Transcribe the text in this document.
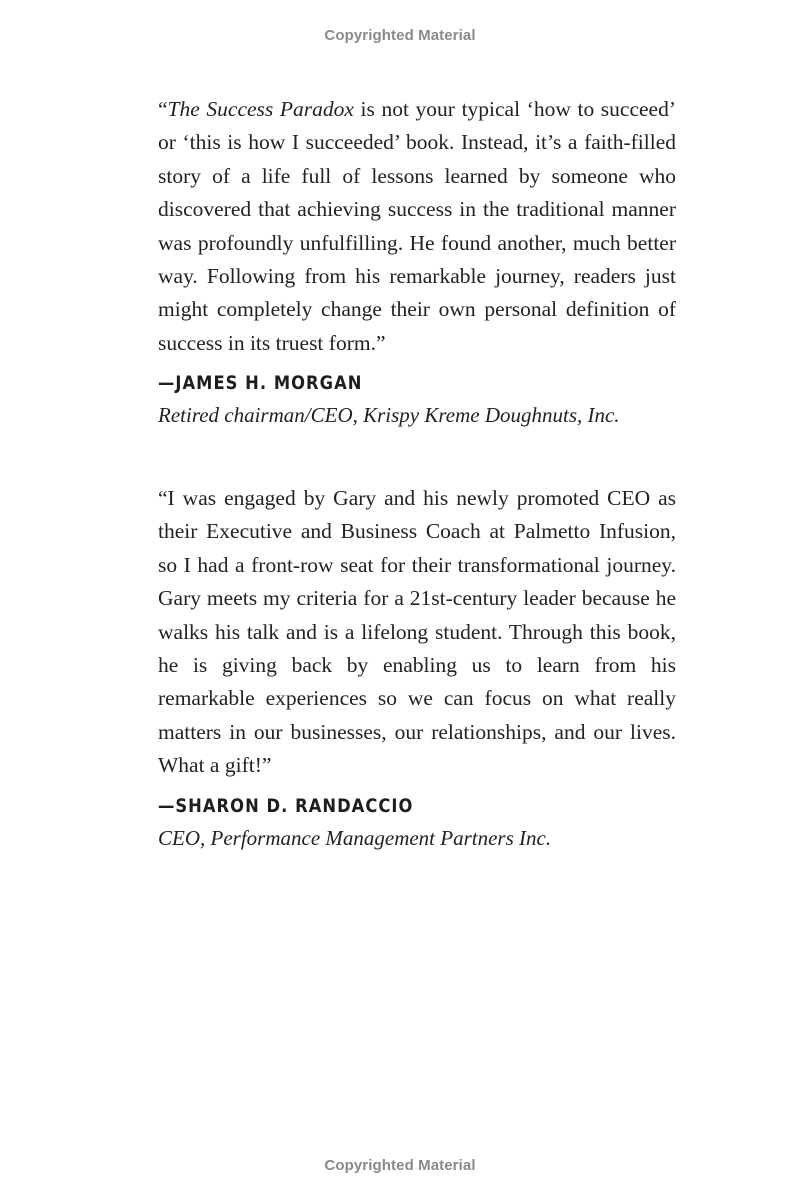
Copyrighted Material

“The Success Paradox is not your typical ‘how to succeed’ or ‘this is how I succeeded’ book. Instead, it’s a faith-filled story of a life full of lessons learned by someone who discovered that achieving success in the traditional manner was profoundly unfulfilling. He found another, much better way. Following from his remarkable journey, readers just might completely change their own personal definition of success in its truest form.”

—JAMES H. MORGAN
Retired chairman/CEO, Krispy Kreme Doughnuts, Inc.

“I was engaged by Gary and his newly promoted CEO as their Executive and Business Coach at Palmetto Infusion, so I had a front-row seat for their transformational journey. Gary meets my criteria for a 21st-century leader because he walks his talk and is a lifelong student. Through this book, he is giving back by enabling us to learn from his remarkable experiences so we can focus on what really matters in our businesses, our relationships, and our lives. What a gift!”

—SHARON D. RANDACCIO
CEO, Performance Management Partners Inc.
Copyrighted Material
